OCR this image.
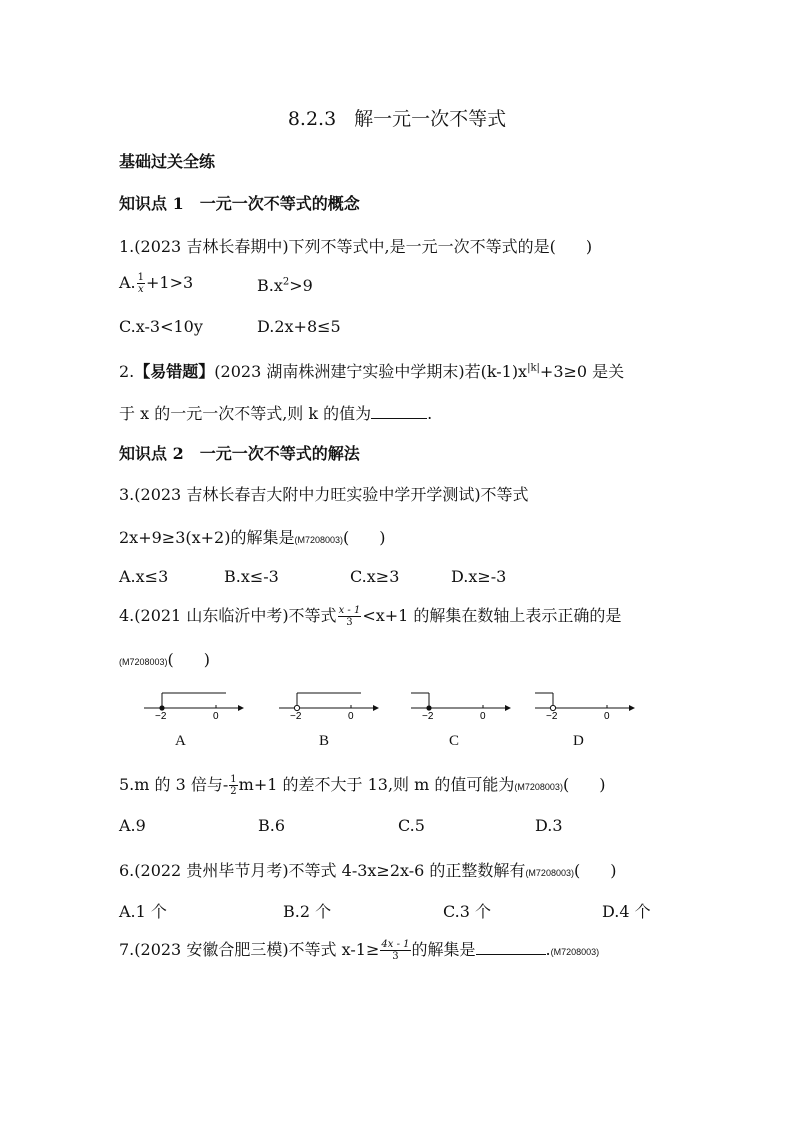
8.2.3 解一元一次不等式
基础过关全练
知识点 1　一元一次不等式的概念
1.(2023 吉林长春期中)下列不等式中,是一元一次不等式的是( )
A. $\frac{1}{x} +1>3$	$B.x^2>9$
C.x-3<10y	D.2x+8≤5
2.【易错题】(2023 湖南株洲建宁实验中学期末)若$(k-1)x^{|k|}+3\ge 0$ 是关
于 x 的一元一次不等式,则 k 的值为	.
知识点 2　一元一次不等式的解法
3.(2023 吉林长春吉大附中力旺实验中学开学测试)不等式
2x+9≥3(x+2)的解集是(M7208003)( )
A.x≤3	B.x≤-3	C.x≥3	D.x≥-3
4.(2021 山东临沂中考)不等式 $\frac{x - 1}{3} <x+1$ 的解集在数轴上表示正确的是
(M7208003)( )
−2	0	−2	0	−2	0	−2	0
A	B	C	D
5.m 的 3 倍与- $\frac{1}{2} m+1$ 的差不大于 13,则 m 的值可能为(M7208003)( )
A.9	B.6	C.5	D.3
6.(2022 贵州毕节月考)不等式 4-3x≥2x-6 的正整数解有(M7208003)( )
A.1 个	B.2 个	C.3 个	D.4 个
7.(2023 安徽合肥三模)不等式 $x-1\ge \frac{4x - 1}{3}$ 的解集是	.(M7208003)
